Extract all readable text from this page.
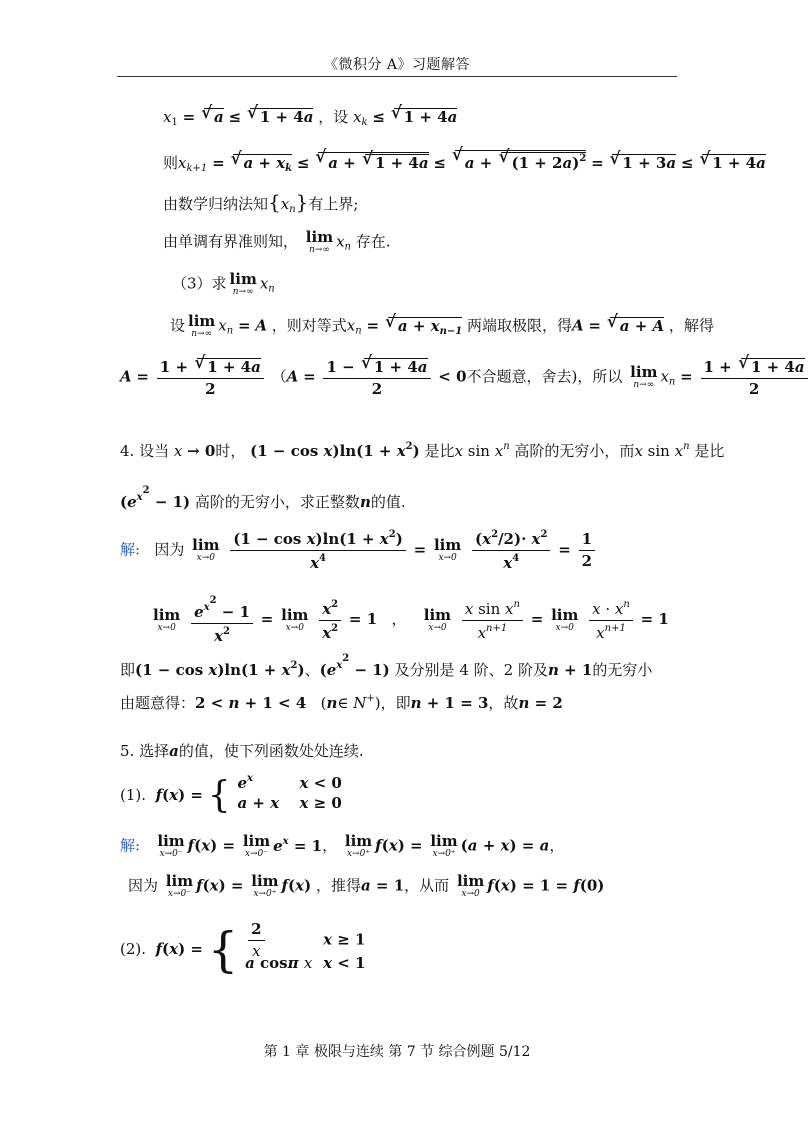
《微积分 A》习题解答
$x_1$ = √ a ≤ √ 1 + 4a ，设 $x_k$ ≤ √ 1 + 4a
则$x_{k+1}$ = √ $a + x_k$ ≤ √ a + √ 1 + 4a ≤ √ a + √ $(1 + 2a)^2$ = √ 1 + 3a ≤ √ 1 + 4a
由数学归纳法知$\{x_n\}$有上界;
由单调有界准则知， lim
n→∞ $x_n$ 存在.
（3）求 lim
n→∞ $x_n$
设 lim
n→∞ $x_n = A$ ，则对等式$x_n$ = √ $a + x_{n-1}$ 两端取极限，得A = √ a + A ，解得
$A = \frac{1 + √ 1 + 4a}{2} (A = \frac{1 - √ 1 + 4a}{2} < 0$不合题意，舍去)，所以 lim
n→∞ $x_n = \frac{1 + √ 1 + 4a}{2}$
4. 设当 x → 0时， $(1 - \cos x)\ln(1 + x^2)$ 是比x $\sin x^n$ 高阶的无穷小，而x $\sin x^n$ 是比
$(e^{x^2} - 1)$ 高阶的无穷小，求正整数n的值.
解: 因为 lim
x→0
$\frac{(1 - \cos x)\ln(1 + x^2)}{x^4} = \lim$
x→0
$\frac{(x^2/2)\cdot x^2}{x^4} = \frac{1}{2}$
lim
x→0
$\frac{e^{x^2} - 1}{x^2} = \lim$
x→0
$\frac{x^2}{x^2} = 1$ ， lim
x→0
$\frac{x \sin x^n}{x^{n+1}} = \lim$
x→0
$\frac{x \cdot x^n}{x^{n+1}} = 1$
即$(1 - \cos x)\ln(1 + x^2)$、$(e^{x^2} - 1)$ 及分别是 4 阶、2 阶及n + 1的无穷小
由题意得：2 < n + 1 < 4   (n∈ N+)，即n + 1 = 3，故n = 2
5. 选择a的值，使下列函数处处连续.
(1). f(x) = { $e^x$	x < 0
a + x x ≥ 0
解: lim
x→0⁻ f(x) = lim
x→0⁻ $e^x = 1$， lim
x→0⁺ f(x) = lim
x→0⁺ (a + x) = a，
因为 lim
x→0⁻ f(x) = lim
x→0⁺ f(x) ，推得a = 1，从而 lim
x→0 f(x) = 1 = f(0)
(2). f(x) = { $\frac{2}{x}$	x ≥ 1
a cosπ x x < 1
第 1 章 极限与连续 第 7 节 综合例题 5/12
